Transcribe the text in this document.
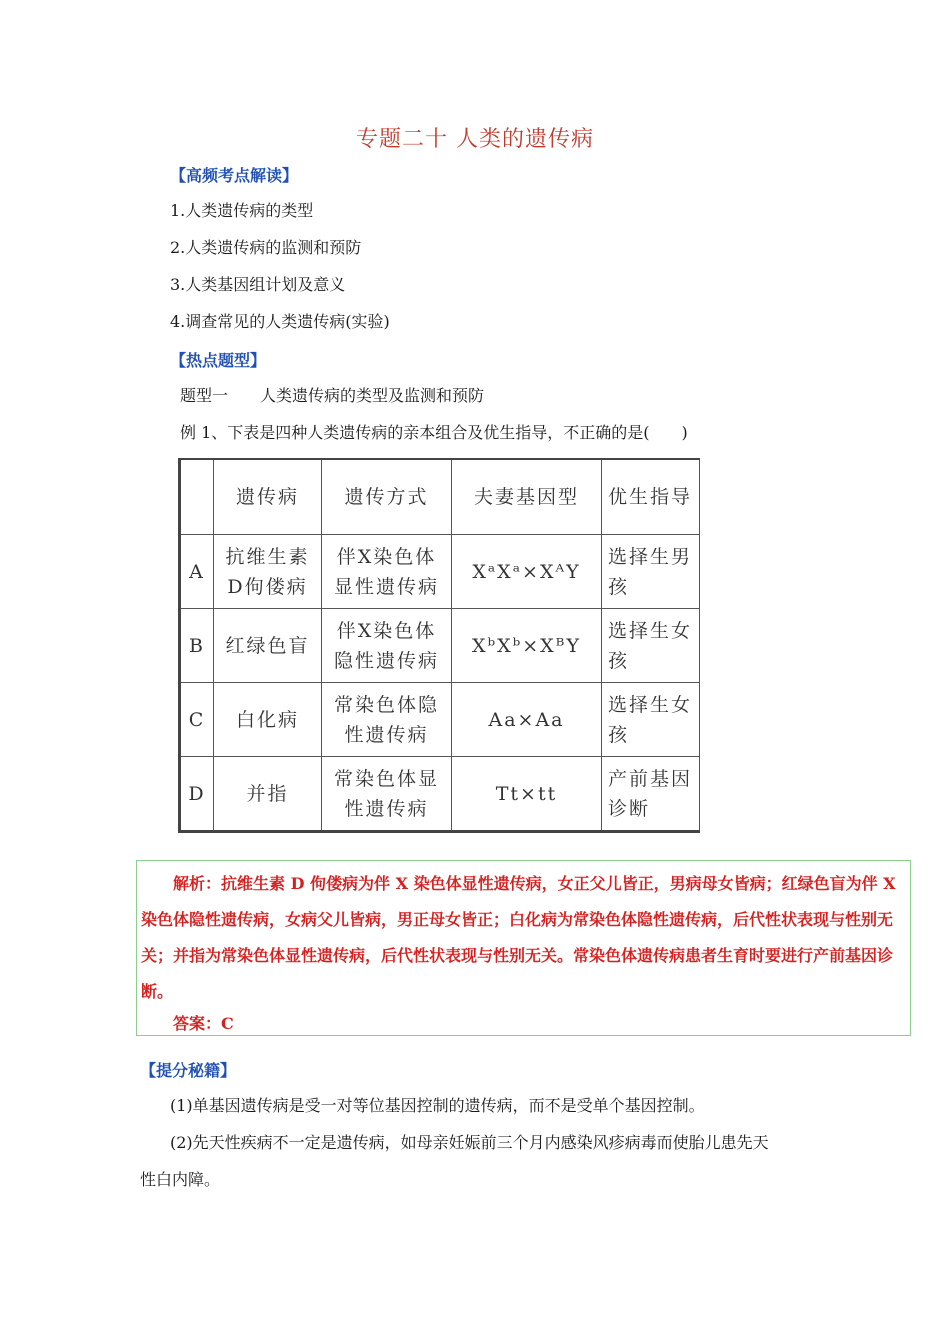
专题二十 人类的遗传病
【高频考点解读】
1.人类遗传病的类型
2.人类遗传病的监测和预防
3.人类基因组计划及意义
4.调查常见的人类遗传病(实验)
【热点题型】
题型一　　人类遗传病的类型及监测和预防
例 1、下表是四种人类遗传病的亲本组合及优生指导，不正确的是(　　)
	遗传病	遗传方式	夫妻基因型	优生指导
A	抗维生素D佝偻病	伴X染色体显性遗传病	XᵃXᵃ×XᴬY	选择生男孩
B	红绿色盲	伴X染色体隐性遗传病	XᵇXᵇ×XᴮY	选择生女孩
C	白化病	常染色体隐性遗传病	Aa×Aa	选择生女孩
D	并指	常染色体显性遗传病	Tt×tt	产前基因诊断
解析：抗维生素 D 佝偻病为伴 X 染色体显性遗传病，女正父儿皆正，男病母女皆病；红绿色盲为伴 X 染色体隐性遗传病，女病父儿皆病，男正母女皆正；白化病为常染色体隐性遗传病，后代性状表现与性别无关；并指为常染色体显性遗传病，后代性状表现与性别无关。常染色体遗传病患者生育时要进行产前基因诊断。
答案：C
【提分秘籍】
(1)单基因遗传病是受一对等位基因控制的遗传病，而不是受单个基因控制。
(2)先天性疾病不一定是遗传病，如母亲妊娠前三个月内感染风疹病毒而使胎儿患先天
性白内障。
